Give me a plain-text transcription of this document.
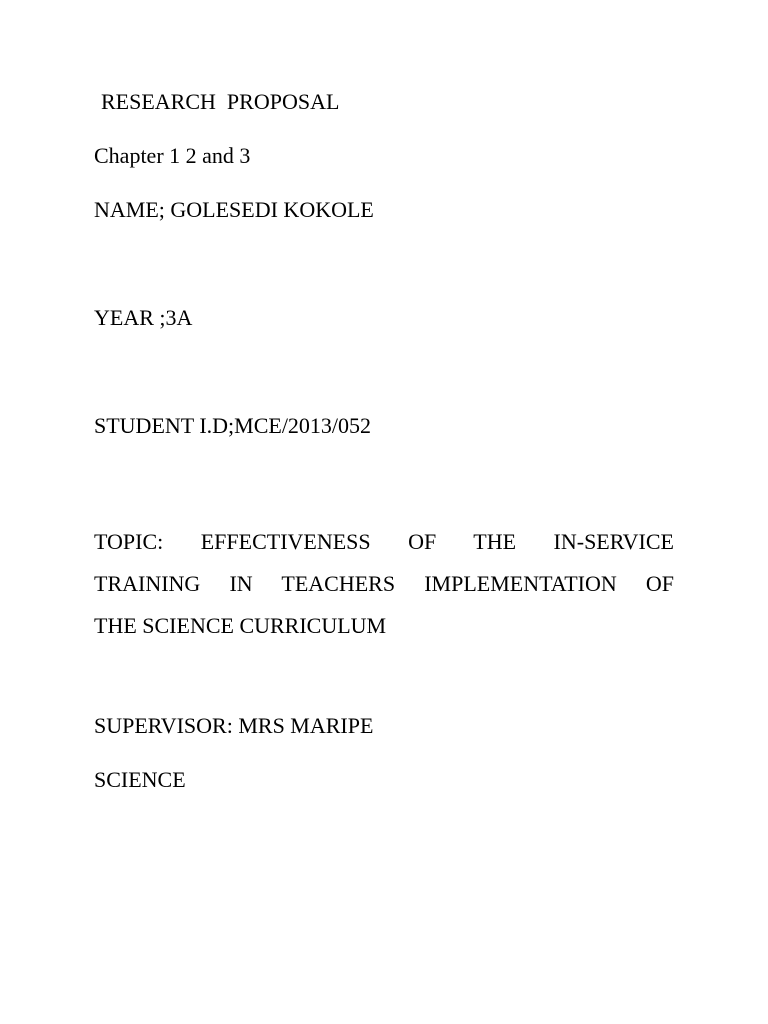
RESEARCH  PROPOSAL
Chapter 1 2 and 3
NAME; GOLESEDI KOKOLE
YEAR ;3A
STUDENT I.D;MCE/2013/052
TOPIC: EFFECTIVENESS OF THE IN-SERVICE
TRAINING IN TEACHERS IMPLEMENTATION OF
THE SCIENCE CURRICULUM
SUPERVISOR: MRS MARIPE
SCIENCE
